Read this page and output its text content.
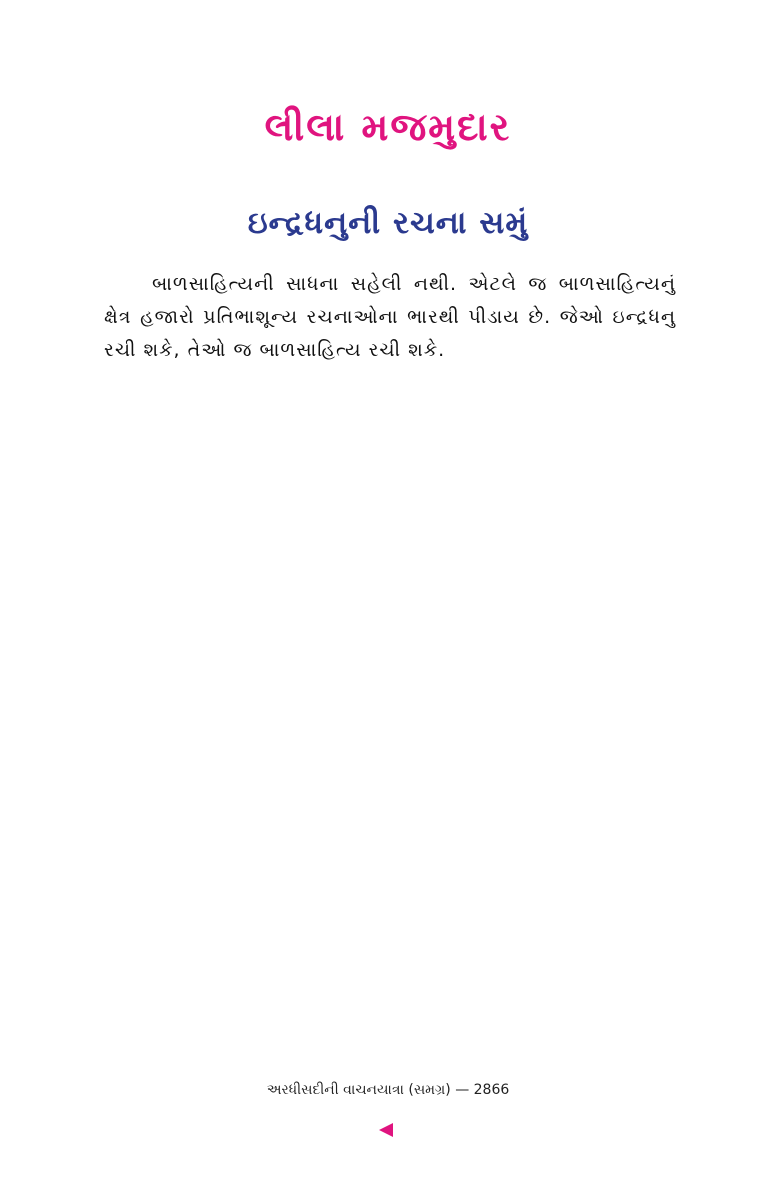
લીલા મજમુદાર
ઇન્દ્રધનુની રચના સમું

બાળસાહિત્યની સાધના સહેલી નથી. એટલે જ બાળસાહિત્યનું ક્ષેત્ર હજારો પ્રતિભાશૂન્ય રચનાઓના ભારથી પીડાય છે. જેઓ ઇન્દ્રધનુ રચી શકે, તેઓ જ બાળસાહિત્ય રચી શકે.

અરધીસદીની વાચનયાત્રા (સમગ્ર) — 2866
